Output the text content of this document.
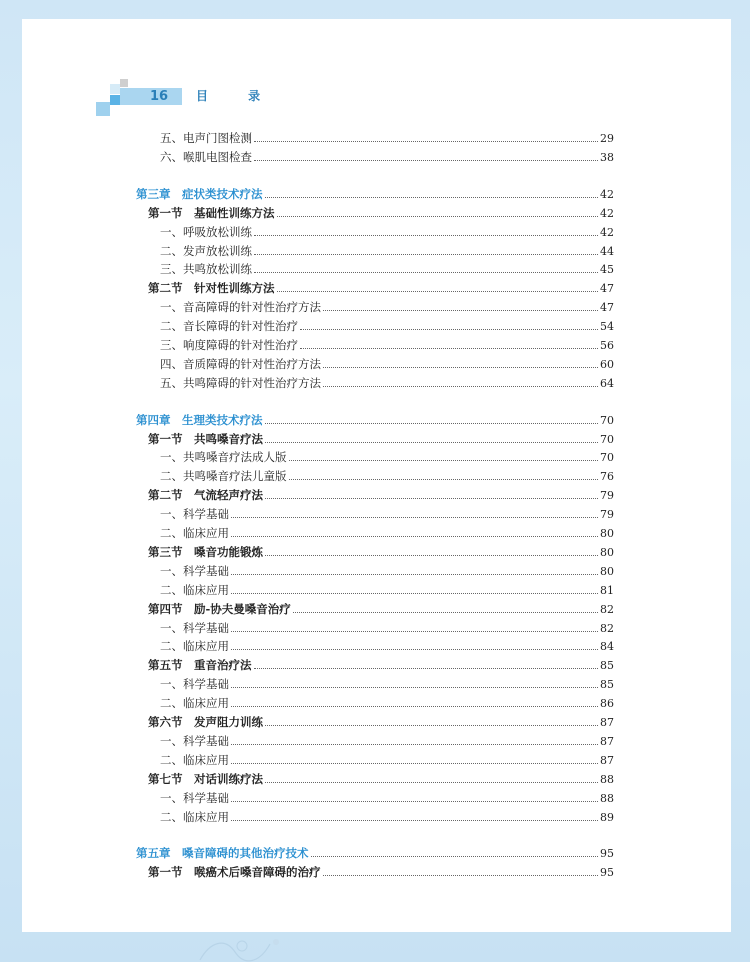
16 目 录
五、电声门图检测	29
六、喉肌电图检查	38
第三章　症状类技术疗法	42
第一节　基础性训练方法	42
一、呼吸放松训练	42
二、发声放松训练	44
三、共鸣放松训练	45
第二节　针对性训练方法	47
一、音高障碍的针对性治疗方法	47
二、音长障碍的针对性治疗	54
三、响度障碍的针对性治疗	56
四、音质障碍的针对性治疗方法	60
五、共鸣障碍的针对性治疗方法	64
第四章　生理类技术疗法	70
第一节　共鸣嗓音疗法	70
一、共鸣嗓音疗法成人版	70
二、共鸣嗓音疗法儿童版	76
第二节　气流轻声疗法	79
一、科学基础	79
二、临床应用	80
第三节　嗓音功能锻炼	80
一、科学基础	80
二、临床应用	81
第四节　励-协夫曼嗓音治疗	82
一、科学基础	82
二、临床应用	84
第五节　重音治疗法	85
一、科学基础	85
二、临床应用	86
第六节　发声阻力训练	87
一、科学基础	87
二、临床应用	87
第七节　对话训练疗法	88
一、科学基础	88
二、临床应用	89
第五章　嗓音障碍的其他治疗技术	95
第一节　喉癌术后嗓音障碍的治疗	95
